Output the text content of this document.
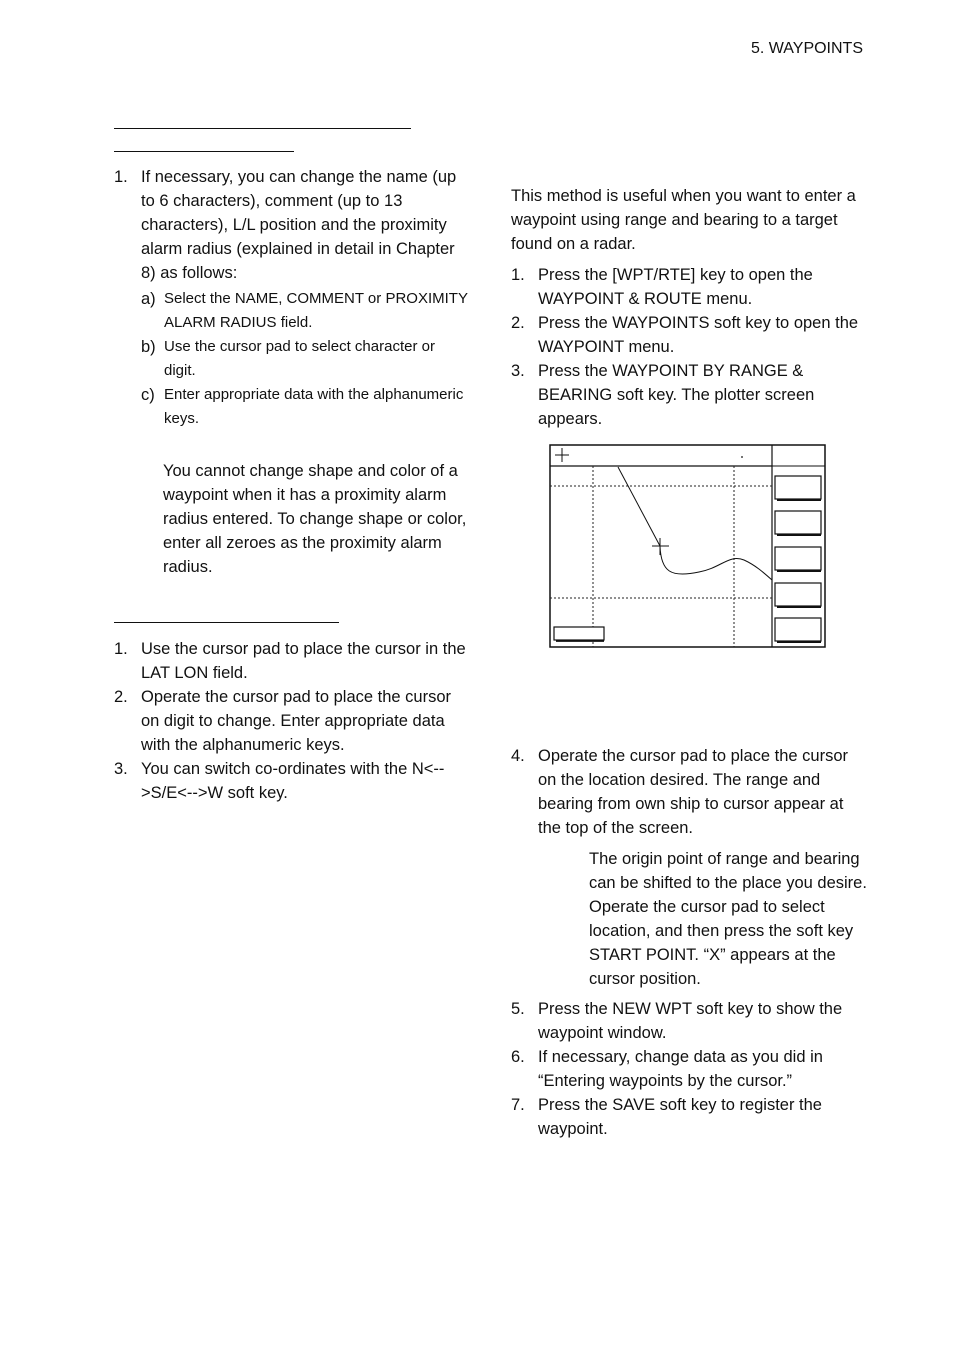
5. WAYPOINTS
1. If necessary, you can change the name (up to 6 characters), comment (up to 13 characters), L/L position and the proximity alarm radius (explained in detail in Chapter 8) as follows:
a) Select the NAME, COMMENT or PROXIMITY ALARM RADIUS field.
b) Use the cursor pad to select character or digit.
c) Enter appropriate data with the alphanumeric keys.

You cannot change shape and color of a waypoint when it has a proximity alarm radius entered. To change shape or color, enter all zeroes as the proximity alarm radius.

1. Use the cursor pad to place the cursor in the LAT LON field.
2. Operate the cursor pad to place the cursor on digit to change. Enter appropriate data with the alphanumeric keys.
3. You can switch co-ordinates with the N<-->S/E<-->W soft key.

This method is useful when you want to enter a waypoint using range and bearing to a target found on a radar.

1. Press the [WPT/RTE] key to open the WAYPOINT & ROUTE menu.
2. Press the WAYPOINTS soft key to open the WAYPOINT menu.
3. Press the WAYPOINT BY RANGE & BEARING soft key. The plotter screen appears.
4. Operate the cursor pad to place the cursor on the location desired. The range and bearing from own ship to cursor appear at the top of the screen.

The origin point of range and bearing can be shifted to the place you desire. Operate the cursor pad to select location, and then press the soft key START POINT. “X” appears at the cursor position.

5. Press the NEW WPT soft key to show the waypoint window.
6. If necessary, change data as you did in “Entering waypoints by the cursor.”
7. Press the SAVE soft key to register the waypoint.
